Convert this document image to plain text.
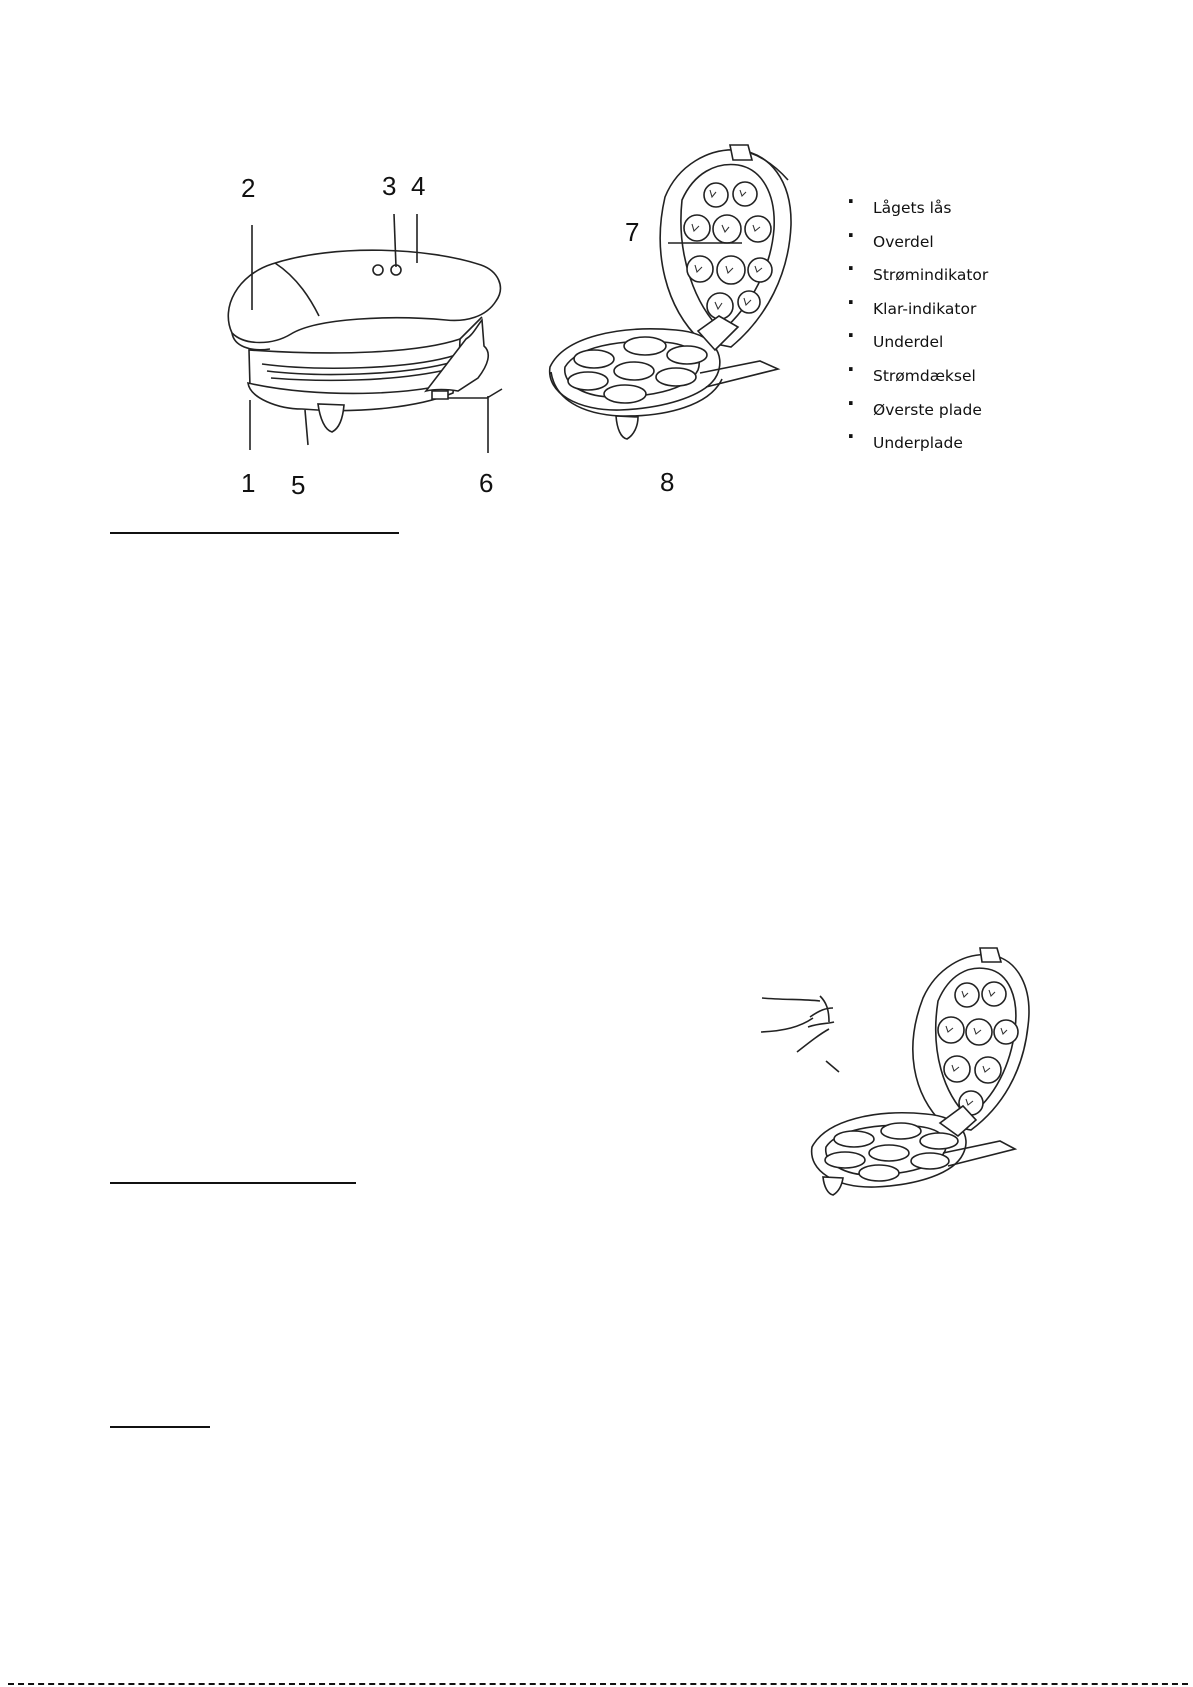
1
2	3 4
5	6
7
8
· Lågets lås
· Overdel
· Strømindikator
· Klar-indikator
· Underdel
· Strømdæksel
· Øverste plade
· Underplade
